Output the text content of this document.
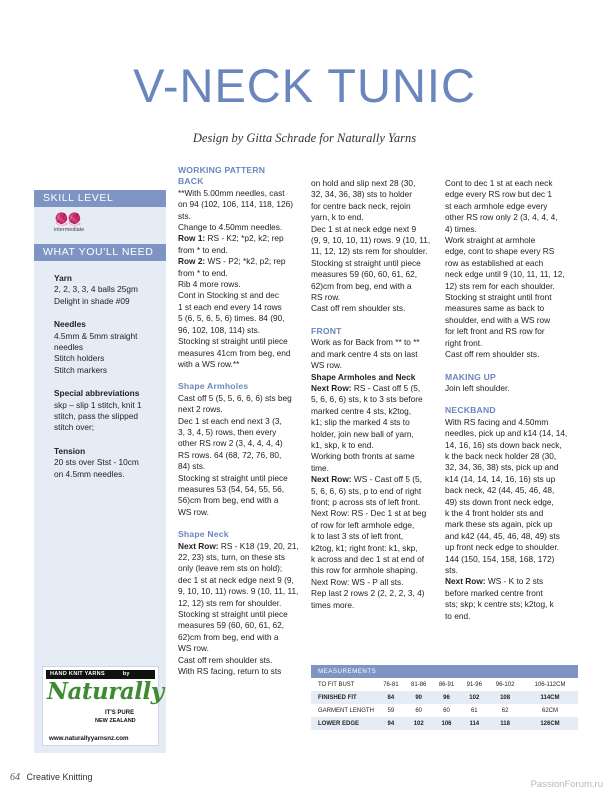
V-NECK TUNIC
Design by Gitta Schrade for Naturally Yarns
SKILL LEVEL
🧶🧶
intermediate
WHAT YOU'LL NEED

Yarn

2, 2, 3, 3, 4 balls 25gm

Delight in shade #09

Needles

4.5mm & 5mm straight

needles

Stitch holders

Stitch markers

Special abbreviations

skp – slip 1 stitch, knit 1

stitch, pass the slipped

stitch over;

Tension

20 sts over Stst - 10cm

on 4.5mm needles.

HAND KNIT YARNS	by
Naturally
IT'S PURE
NEW ZEALAND
www.naturallyyarnsnz.com

WORKING PATTERN

BACK

**With 5.00mm needles, cast

on 94 (102, 106, 114, 118, 126)

sts.

Change to 4.50mm needles.

Row 1: RS - K2; *p2, k2; rep

from * to end.

Row 2: WS - P2; *k2, p2; rep

from * to end.

Rib 4 more rows.

Cont in Stocking st and dec

1 st each end every 14 rows

5 (6, 5, 6, 5, 6) times. 84 (90,

96, 102, 108, 114) sts.

Stocking st straight until piece

measures 41cm from beg, end

with a WS row.**

Shape Armholes

Cast off 5 (5, 5, 6, 6, 6) sts beg

next 2 rows.

Dec 1 st each end next 3 (3,

3, 3, 4, 5) rows, then every

other RS row 2 (3, 4, 4, 4, 4)

RS rows. 64 (68, 72, 76, 80,

84) sts.

Stocking st straight until piece

measures 53 (54, 54, 55, 56,

56)cm from beg, end with a

WS row.

Shape Neck

Next Row: RS - K18 (19, 20, 21,

22, 23) sts, turn, on these sts

only (leave rem sts on hold);

dec 1 st at neck edge next 9 (9,

9, 10, 10, 11) rows. 9 (10, 11, 11,

12, 12) sts rem for shoulder.

Stocking st straight until piece

measures 59 (60, 60, 61, 62,

62)cm from beg, end with a

WS row.

Cast off rem shoulder sts.

With RS facing, return to sts

on hold and slip next 28 (30,

32, 34, 36, 38) sts to holder

for centre back neck, rejoin

yarn, k to end.

Dec 1 st at neck edge next 9

(9, 9, 10, 10, 11) rows. 9 (10, 11,

11, 12, 12) sts rem for shoulder.

Stocking st straight until piece

measures 59 (60, 60, 61, 62,

62)cm from beg, end with a

RS row.

Cast off rem shoulder sts.

FRONT

Work as for Back from ** to **

and mark centre 4 sts on last

WS row.

Shape Armholes and Neck

Next Row: RS - Cast off 5 (5,

5, 6, 6, 6) sts, k to 3 sts before

marked centre 4 sts, k2tog,

k1; slip the marked 4 sts to

holder, join new ball of yarn,

k1, skp, k to end.

Working both fronts at same

time.

Next Row: WS - Cast off 5 (5,

5, 6, 6, 6) sts, p to end of right

front; p across sts of left front.

Next Row: RS - Dec 1 st at beg

of row for left armhole edge,

k to last 3 sts of left front,

k2tog, k1; right front: k1, skp,

k across and dec 1 st at end of

this row for armhole shaping.

Next Row: WS - P all sts.

Rep last 2 rows 2 (2, 2, 2, 3, 4)

times more.

Cont to dec 1 st at each neck

edge every RS row but dec 1

st each armhole edge every

other RS row only 2 (3, 4, 4, 4,

4) times.

Work straight at armhole

edge, cont to shape every RS

row as established at each

neck edge until 9 (10, 11, 11, 12,

12) sts rem for each shoulder.

Stocking st straight until front

measures same as back to

shoulder, end with a WS row

for left front and RS row for

right front.

Cast off rem shoulder sts.

MAKING UP

Join left shoulder.

NECKBAND

With RS facing and 4.50mm

needles, pick up and k14 (14, 14,

14, 16, 16) sts down back neck,

k the back neck holder 28 (30,

32, 34, 36, 38) sts, pick up and

k14 (14, 14, 14, 16, 16) sts up

back neck, 42 (44, 45, 46, 48,

49) sts down front neck edge,

k the 4 front holder sts and

mark these sts again, pick up

and k42 (44, 45, 46, 48, 49) sts

up front neck edge to shoulder.

144 (150, 154, 158, 168, 172) sts.

Next Row: WS - K to 2 sts

before marked centre front

sts; skp; k centre sts; k2tog, k

to end.

MEASUREMENTS
TO FIT BUST	76-81	81-86	86-91	91-96	96-102	106-112CM
FINISHED FIT	84	90	96	102	108	114CM
GARMENT LENGTH	59	60	60	61	62	62CM
LOWER EDGE	94	102	106	114	118	126CM
64 Creative Knitting
PassionForum.ru
